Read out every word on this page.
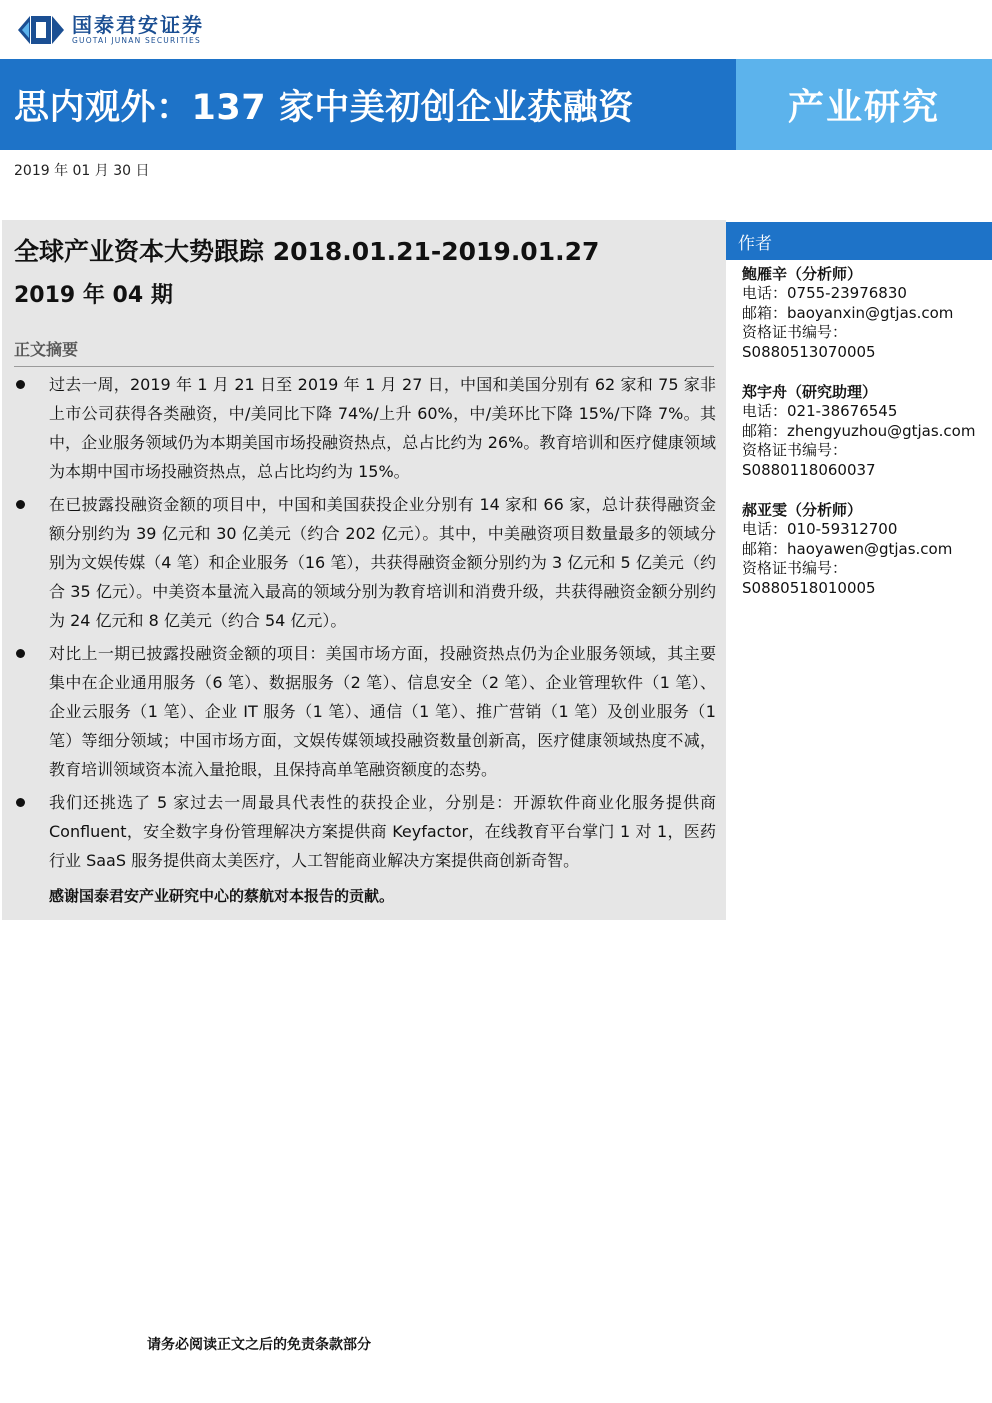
国泰君安证券
GUOTAI JUNAN SECURITIES
思内观外：137 家中美初创企业获融资	产业研究
2019 年 01 月 30 日
全球产业资本大势跟踪 2018.01.21-2019.01.27
2019 年 04 期
正文摘要
过去一周，2019 年 1 月 21 日至 2019 年 1 月 27 日，中国和美国分别有 62 家和 75 家非上市公司获得各类融资，中/美同比下降 74%/上升 60%，中/美环比下降 15%/下降 7%。其中，企业服务领域仍为本期美国市场投融资热点，总占比约为 26%。教育培训和医疗健康领域为本期中国市场投融资热点，总占比均约为 15%。
在已披露投融资金额的项目中，中国和美国获投企业分别有 14 家和 66 家，总计获得融资金额分别约为 39 亿元和 30 亿美元（约合 202 亿元）。其中，中美融资项目数量最多的领域分别为文娱传媒（4 笔）和企业服务（16 笔），共获得融资金额分别约为 3 亿元和 5 亿美元（约合 35 亿元）。中美资本量流入最高的领域分别为教育培训和消费升级，共获得融资金额分别约为 24 亿元和 8 亿美元（约合 54 亿元）。
对比上一期已披露投融资金额的项目：美国市场方面，投融资热点仍为企业服务领域，其主要集中在企业通用服务（6 笔）、数据服务（2 笔）、信息安全（2 笔）、企业管理软件（1 笔）、企业云服务（1 笔）、企业 IT 服务（1 笔）、通信（1 笔）、推广营销（1 笔）及创业服务（1 笔）等细分领域；中国市场方面，文娱传媒领域投融资数量创新高，医疗健康领域热度不减，教育培训领域资本流入量抢眼，且保持高单笔融资额度的态势。
我们还挑选了 5 家过去一周最具代表性的获投企业，分别是：开源软件商业化服务提供商 Confluent，安全数字身份管理解决方案提供商 Keyfactor，在线教育平台掌门 1 对 1，医药行业 SaaS 服务提供商太美医疗，人工智能商业解决方案提供商创新奇智。
感谢国泰君安产业研究中心的蔡航对本报告的贡献。
作者
鲍雁辛（分析师）
电话：0755-23976830
邮箱：baoyanxin@gtjas.com
资格证书编号：
S0880513070005
郑宇舟（研究助理）
电话：021-38676545
邮箱：zhengyuzhou@gtjas.com
资格证书编号：
S0880118060037
郝亚雯（分析师）
电话：010-59312700
邮箱：haoyawen@gtjas.com
资格证书编号：
S0880518010005
请务必阅读正文之后的免责条款部分
